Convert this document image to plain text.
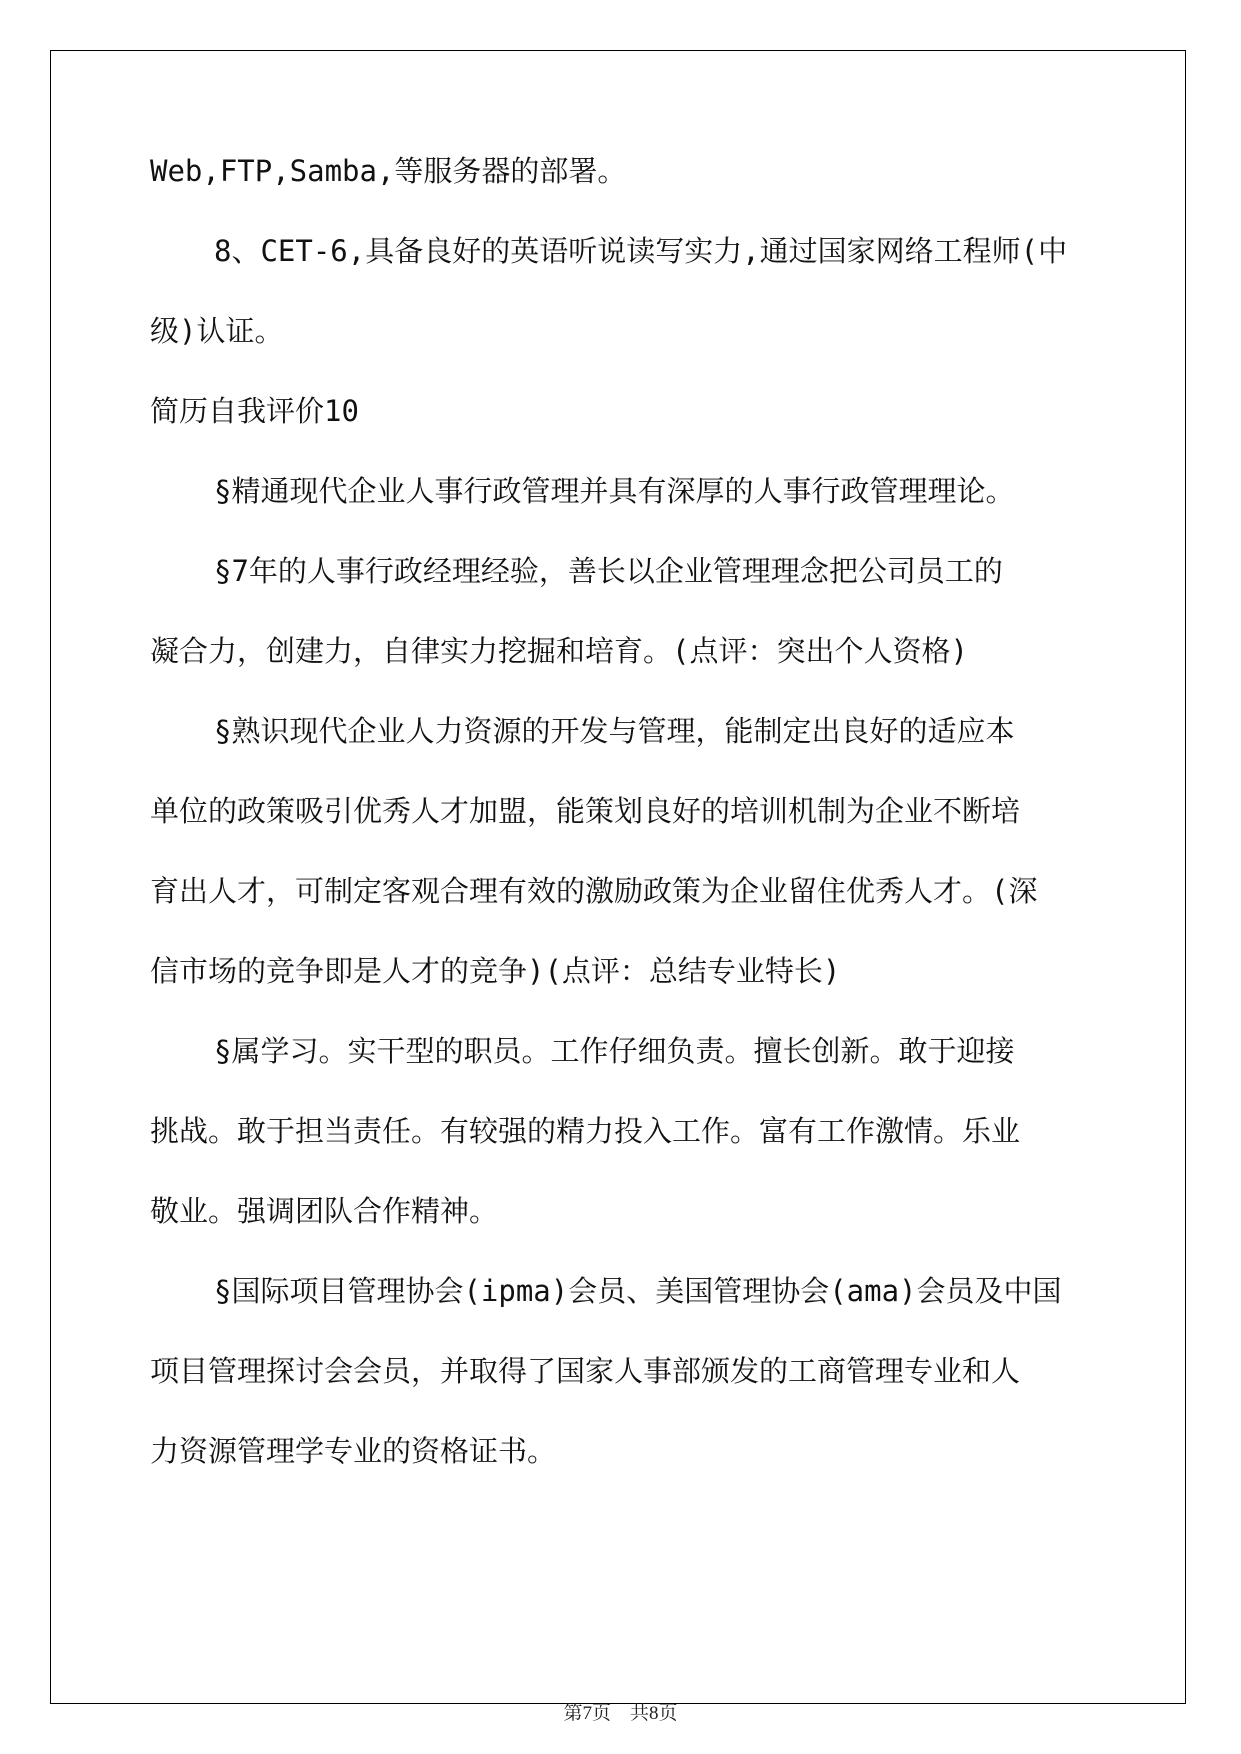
Web,FTP,Samba,等服务器的部署。
8、CET-6,具备良好的英语听说读写实力,通过国家网络工程师(中
级)认证。
简历自我评价10
§精通现代企业人事行政管理并具有深厚的人事行政管理理论。
§7年的人事行政经理经验，善长以企业管理理念把公司员工的
凝合力，创建力，自律实力挖掘和培育。(点评：突出个人资格)
§熟识现代企业人力资源的开发与管理，能制定出良好的适应本
单位的政策吸引优秀人才加盟，能策划良好的培训机制为企业不断培
育出人才，可制定客观合理有效的激励政策为企业留住优秀人才。(深
信市场的竞争即是人才的竞争)(点评：总结专业特长)
§属学习。实干型的职员。工作仔细负责。擅长创新。敢于迎接
挑战。敢于担当责任。有较强的精力投入工作。富有工作激情。乐业
敬业。强调团队合作精神。
§国际项目管理协会(ipma)会员、美国管理协会(ama)会员及中国
项目管理探讨会会员，并取得了国家人事部颁发的工商管理专业和人
力资源管理学专业的资格证书。
第7页　共8页
